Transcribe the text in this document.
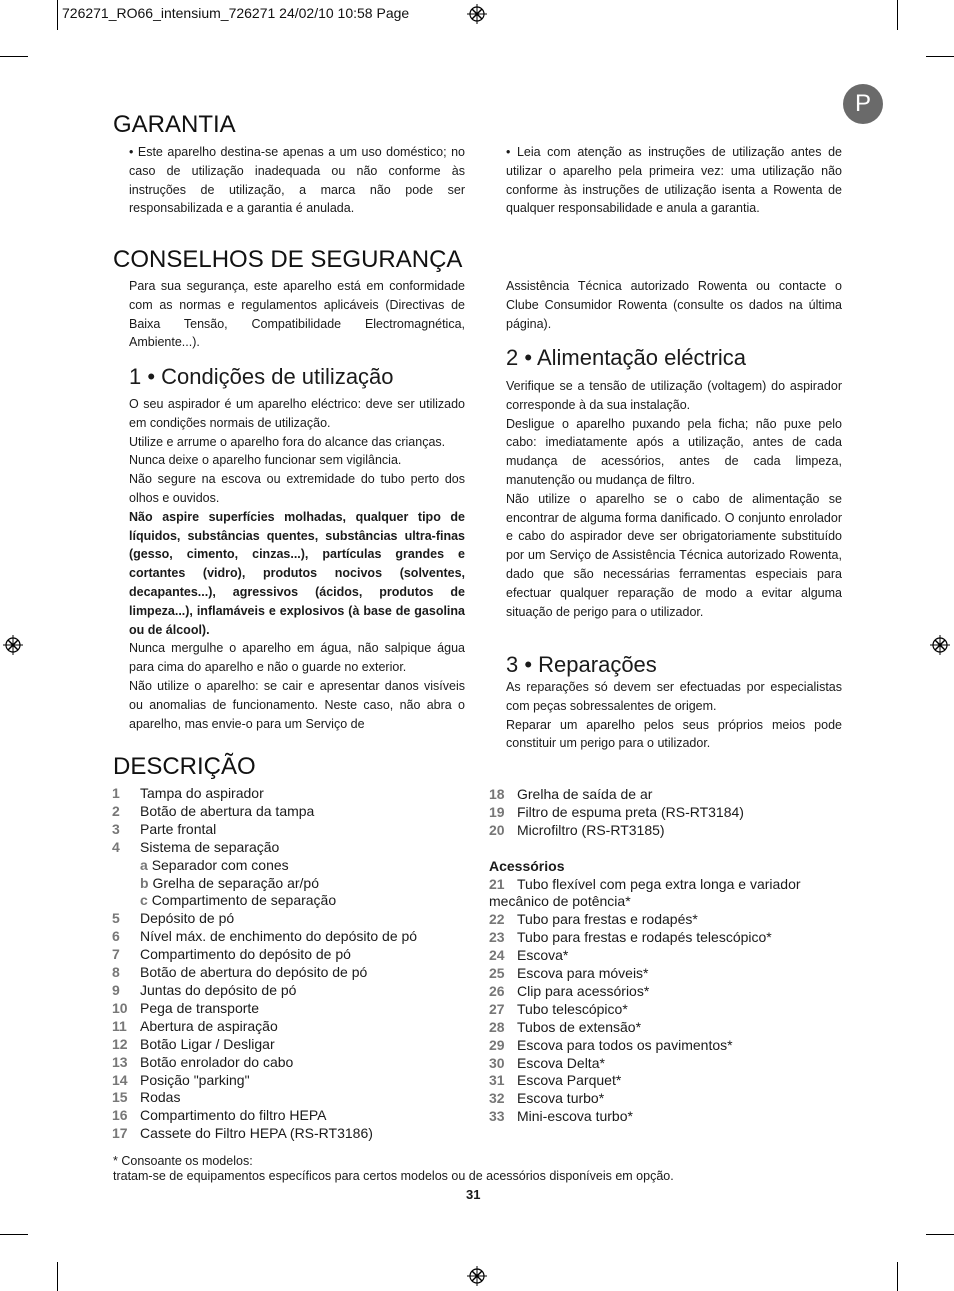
726271_RO66_intensium_726271 24/02/10 10:58 Page
P
GARANTIA

• Este aparelho destina-se apenas a um uso doméstico; no caso de utilização inadequada ou não conforme às instruções de utilização, a marca não pode ser responsabilizada e a garantia é anulada.

• Leia com atenção as instruções de utilização antes de utilizar o aparelho pela primeira vez: uma utilização não conforme às instruções de utilização isenta a Rowenta de qualquer responsabilidade e anula a garantia.

CONSELHOS DE SEGURANÇA

Para sua segurança, este aparelho está em conformidade com as normas e regulamentos aplicáveis (Directivas de Baixa Tensão, Compatibilidade Electromagnética, Ambiente...).

1 • Condições de utilização

O seu aspirador é um aparelho eléctrico: deve ser utilizado em condições normais de utilização.

Utilize e arrume o aparelho fora do alcance das crianças.

Nunca deixe o aparelho funcionar sem vigilância.

Não segure na escova ou extremidade do tubo perto dos olhos e ouvidos.

Não aspire superfícies molhadas, qualquer tipo de líquidos, substâncias quentes, substâncias ultra-finas (gesso, cimento, cinzas...), partículas grandes e cortantes (vidro), produtos nocivos (solventes, decapantes...), agressivos (ácidos, produtos de limpeza...), inflamáveis e explosivos (à base de gasolina ou de álcool).

Nunca mergulhe o aparelho em água, não salpique água para cima do aparelho e não o guarde no exterior.

Não utilize o aparelho: se cair e apresentar danos visíveis ou anomalias de funcionamento. Neste caso, não abra o aparelho, mas envie-o para um Serviço de

Assistência Técnica autorizado Rowenta ou contacte o Clube Consumidor Rowenta (consulte os dados na última página).

2 • Alimentação eléctrica

Verifique se a tensão de utilização (voltagem) do aspirador corresponde à da sua instalação.

Desligue o aparelho puxando pela ficha; não puxe pelo cabo: imediatamente após a utilização, antes de cada mudança de acessórios, antes de cada limpeza, manutenção ou mudança de filtro.

Não utilize o aparelho se o cabo de alimentação se encontrar de alguma forma danificado. O conjunto enrolador e cabo do aspirador deve ser obrigatoriamente substituído por um Serviço de Assistência Técnica autorizado Rowenta, dado que são necessárias ferramentas especiais para efectuar qualquer reparação de modo a evitar alguma situação de perigo para o utilizador.

3 • Reparações

As reparações só devem ser efectuadas por especialistas com peças sobressalentes de origem.

Reparar um aparelho pelos seus próprios meios pode constituir um perigo para o utilizador.

DESCRIÇÃO
1	Tampa do aspirador
2	Botão de abertura da tampa
3	Parte frontal
4	Sistema de separação
a Separador com cones
b Grelha de separação ar/pó
c Compartimento de separação
5	Depósito de pó
6	Nível máx. de enchimento do depósito de pó
7	Compartimento do depósito de pó
8	Botão de abertura do depósito de pó
9	Juntas do depósito de pó
10 Pega de transporte
11 Abertura de aspiração
12 Botão Ligar / Desligar
13 Botão enrolador do cabo
14 Posição "parking"
15 Rodas
16 Compartimento do filtro HEPA
17 Cassete do Filtro HEPA (RS-RT3186)
18 Grelha de saída de ar
19 Filtro de espuma preta (RS-RT3184)
20 Microfiltro (RS-RT3185)
Acessórios
21 Tubo flexível com pega extra longa e variador mecânico de potência*
22 Tubo para frestas e rodapés*
23 Tubo para frestas e rodapés telescópico*
24 Escova*
25 Escova para móveis*
26 Clip para acessórios*
27 Tubo telescópico*
28 Tubos de extensão*
29 Escova para todos os pavimentos*
30 Escova Delta*
31 Escova Parquet*
32 Escova turbo*
33 Mini-escova turbo*
* Consoante os modelos:
tratam-se de equipamentos específicos para certos modelos ou de acessórios disponíveis em opção.
31
